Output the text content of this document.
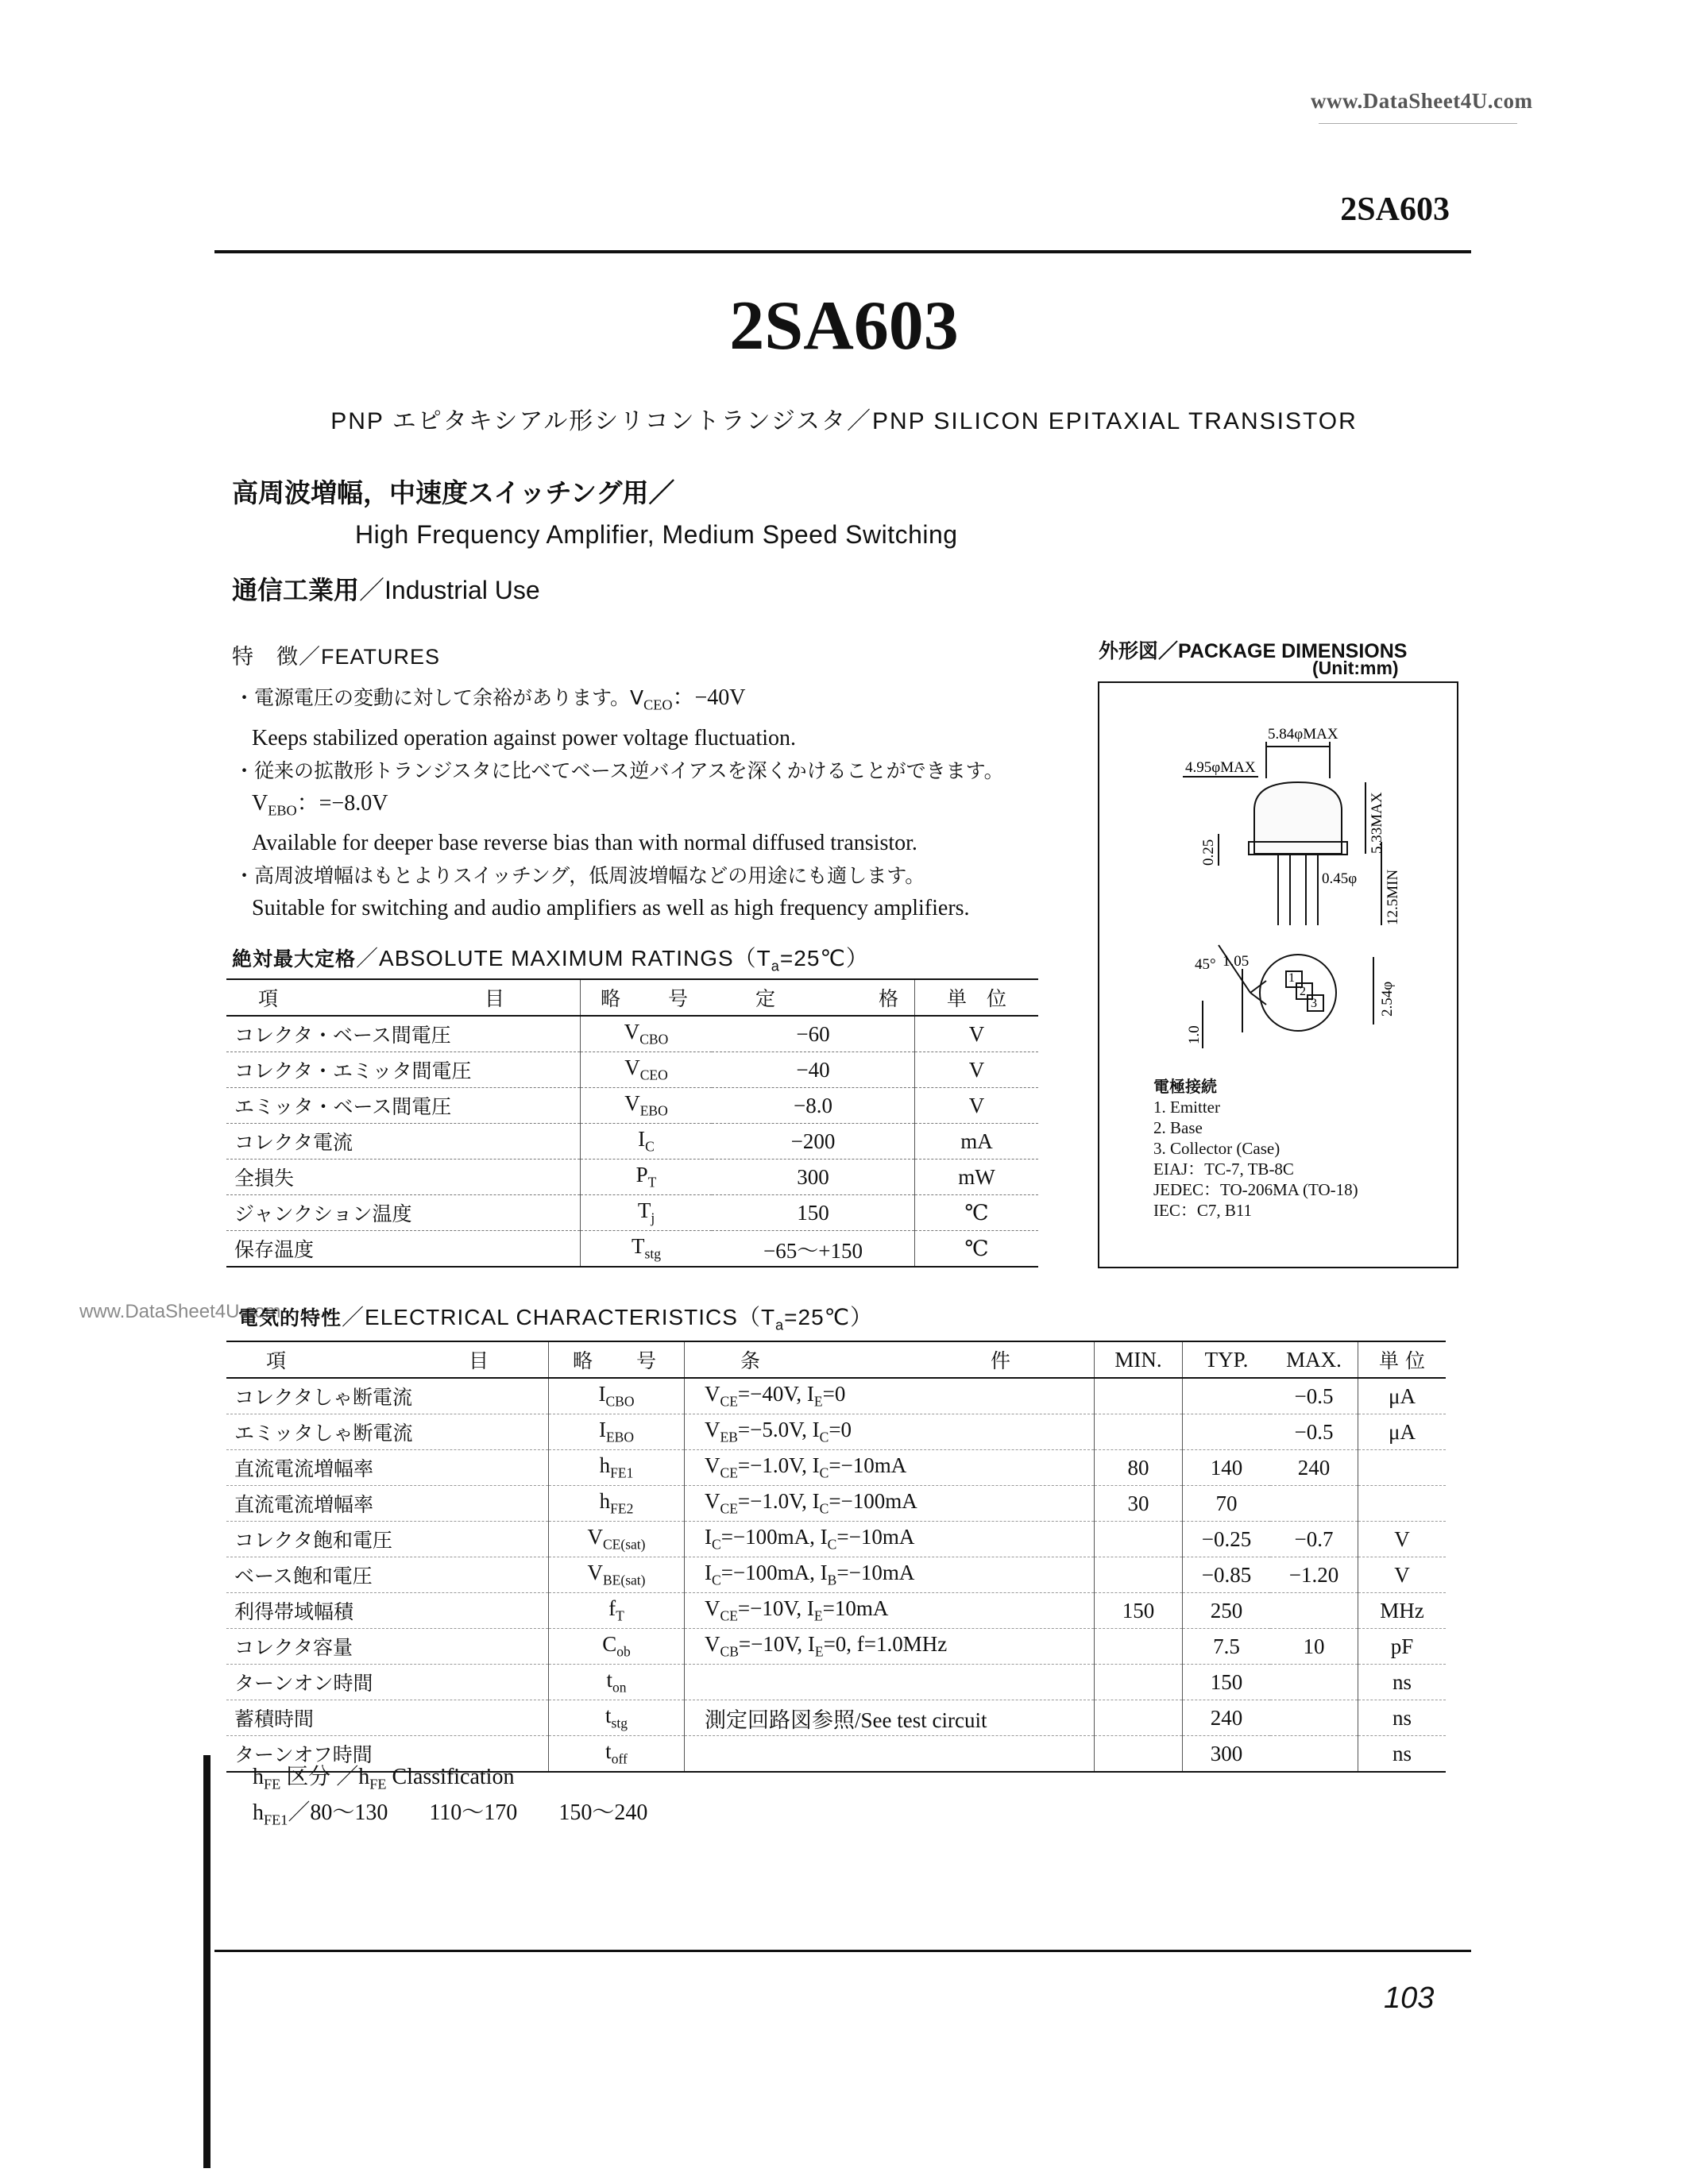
www.DataSheet4U.com
2SA603
2SA603
PNP エピタキシアル形シリコントランジスタ／PNP SILICON EPITAXIAL TRANSISTOR
高周波増幅，中速度スイッチング用／
High Frequency Amplifier, Medium Speed Switching
通信工業用／Industrial Use
特　徴／FEATURES

・電源電圧の変動に対して余裕があります。$V_{CEO}$：−40V

Keeps stabilized operation against power voltage fluctuation.

・従来の拡散形トランジスタに比べてベース逆バイアスを深くかけることができます。

$V_{EBO}$：=−8.0V

Available for deeper base reverse bias than with normal diffused transistor.

・高周波増幅はもとよりスイッチング，低周波増幅などの用途にも適します。

Suitable for switching and audio amplifiers as well as high frequency amplifiers.

外形図／PACKAGE DIMENSIONS
(Unit:mm)
5.84φMAX
4.95φMAX
5.33MAX
0.25
0.45φ 12.5MIN
45° 1.05
2.54φ
1.0
1
2
3

電極接続

1. Emitter

2. Base

3. Collector (Case)

EIAJ：TC-7, TB-8C

JEDEC：TO-206MA (TO-18)

IEC：C7, B11

絶対最大定格／ABSOLUTE MAXIMUM $RATINGS(T_a=25℃)$
項 目	略 号	定 格	単　位
コレクタ・ベース間電圧	$V_{CBO}$	−60	V
コレクタ・エミッタ間電圧	$V_{CEO}$	−40	V
エミッタ・ベース間電圧	$V_{EBO}$	−8.0	V
コレクタ電流	$I_C$	−200	mA
全損失	$P_T$	300	mW
ジャンクション温度	$T_j$	150	℃
保存温度	$T_{stg}$	−65〜+150	℃
www.DataSheet4U.com
電気的特性／ELECTRICAL $CHARACTERISTICS(T_a=25℃)$
項 目	略 号	条 件	MIN.	TYP.	MAX.	単 位
コレクタしゃ断電流	$I_{CBO}$	$V_{CE}=-40V$, $I_E=0$			−0.5	μA
エミッタしゃ断電流	$I_{EBO}$	$V_{EB}=-5.0V$, $I_C=0$			−0.5	μA
直流電流増幅率	$h_{FE1}$	$V_{CE}=-1.0V$, $I_C=-10mA$	80	140	240	
直流電流増幅率	$h_{FE2}$	$V_{CE}=-1.0V$, $I_C=-100mA$	30	70		
コレクタ飽和電圧	$V_{CE(sat)}$	$I_C=-100mA$, $I_C=-10mA$		−0.25	−0.7	V
ベース飽和電圧	$V_{BE(sat)}$	$I_C=-100mA$, $I_B=-10mA$		−0.85	−1.20	V
利得帯域幅積	$f_T$	$V_{CE}=-10V$, $I_E=10mA$	150	250		MHz
コレクタ容量	$C_{ob}$	$V_{CB}=-10V$, $I_E=0$, f=1.0MHz		7.5	10	pF
ターンオン時間	$t_{on}$			150		ns
蓄積時間	$t_{stg}$	測定回路図参照/See test circuit		240		ns
ターンオフ時間	$t_{off}$			300		ns

$h_{FE}$ 区分 $/h_{FE}$ Classification

$h_{FE1}/80$〜130 110〜170 150〜240

103
